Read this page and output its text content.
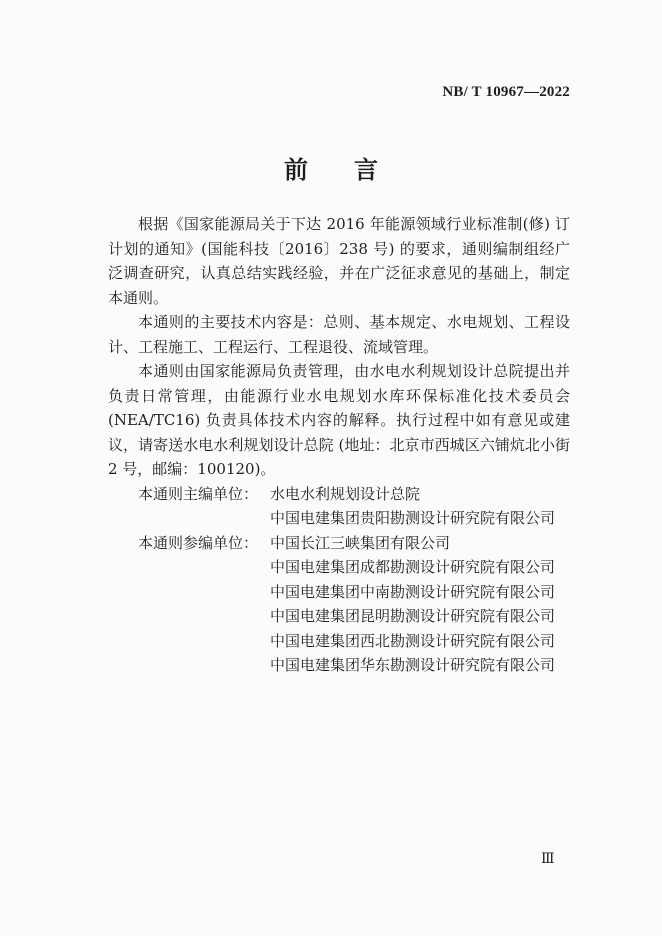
NB/ T 10967—2022
前 言

根据《国家能源局关于下达 2016 年能源领域行业标准制(修) 订计划的通知》(国能科技〔2016〕238 号) 的要求，通则编制组经广泛调查研究，认真总结实践经验，并在广泛征求意见的基础上，制定本通则。

本通则的主要技术内容是：总则、基本规定、水电规划、工程设计、工程施工、工程运行、工程退役、流域管理。

本通则由国家能源局负责管理，由水电水利规划设计总院提出并负责日常管理，由能源行业水电规划水库环保标准化技术委员会 (NEA/TC16) 负责具体技术内容的解释。执行过程中如有意见或建议，请寄送水电水利规划设计总院 (地址：北京市西城区六铺炕北小街 2 号，邮编：100120)。

本通则主编单位： 水电水利规划设计总院
中国电建集团贵阳勘测设计研究院有限公司
本通则参编单位： 中国长江三峡集团有限公司
中国电建集团成都勘测设计研究院有限公司
中国电建集团中南勘测设计研究院有限公司
中国电建集团昆明勘测设计研究院有限公司
中国电建集团西北勘测设计研究院有限公司
中国电建集团华东勘测设计研究院有限公司
Ⅲ
